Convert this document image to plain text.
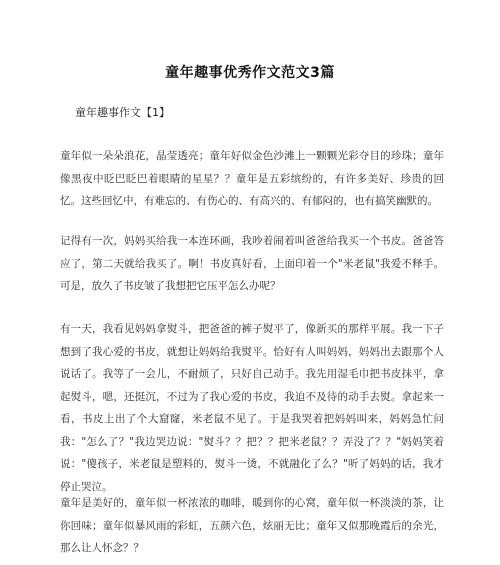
童年趣事优秀作文范文3篇
童年趣事作文【1】

童年似一朵朵浪花，晶莹透亮；童年好似金色沙滩上一颗颗光彩夺目的珍珠；童年像黑夜中眨巴眨巴着眼睛的星星？？童年是五彩缤纷的，有许多美好、珍贵的回忆。这些回忆中，有难忘的、有伤心的、有高兴的、有郁闷的，也有搞笑幽默的。

记得有一次，妈妈买给我一本连环画，我吵着闹着叫爸爸给我买一个书皮。爸爸答应了，第二天就给我买了。啊！书皮真好看，上面印着一个"米老鼠"我爱不释手。可是，放久了书皮皱了我想把它压平怎么办呢？

有一天，我看见妈妈拿熨斗，把爸爸的裤子熨平了，像新买的那样平展。我一下子想到了我心爱的书皮，就想让妈妈给我熨平。恰好有人叫妈妈，妈妈出去跟那个人说话了。我等了一会儿，不耐烦了，只好自己动手。我先用湿毛巾把书皮抹平，拿起熨斗，嗯，还挺沉，不过为了我心爱的书皮，我迫不及待的动手去熨。拿起来一看，书皮上出了个大窟窿，米老鼠不见了。于是我哭着把妈妈叫来，妈妈急忙问我："怎么了？"我边哭边说："熨斗？？把？？把米老鼠？？弄没了？？"妈妈笑着说："傻孩子，米老鼠是塑料的，熨斗一烫，不就融化了么？"听了妈妈的话，我才停止哭泣。

童年是美好的，童年似一杯浓浓的咖啡，暖到你的心窝，童年似一杯淡淡的茶，让你回味；童年似暴风雨的彩虹，五颜六色，炫丽无比；童年又似那晚霞后的余光，那么让人怀念？？
